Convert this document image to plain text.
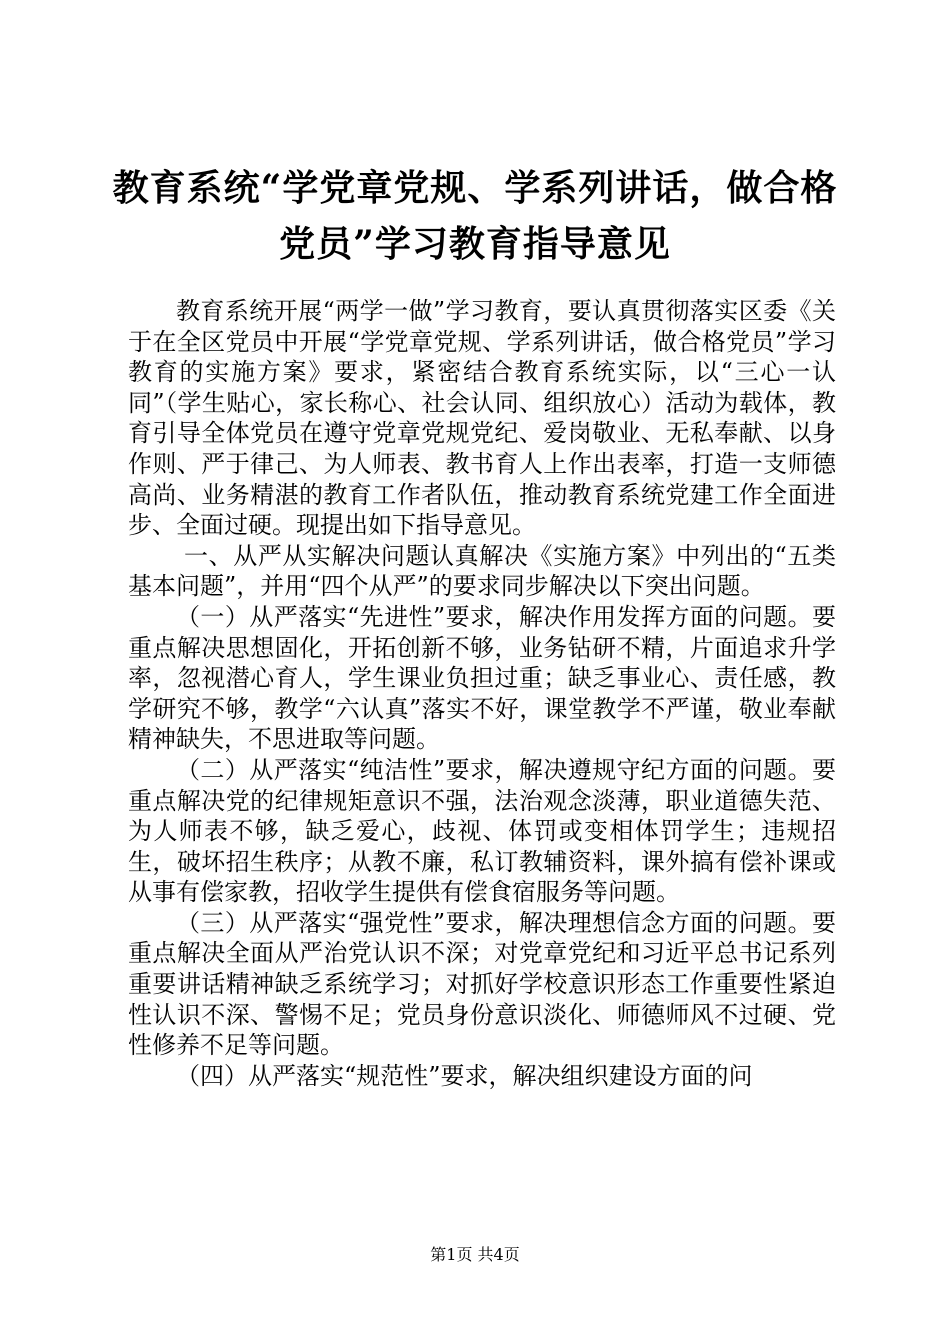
教育系统“学党章党规、学系列讲话，做合格
党员”学习教育指导意见

教育系统开展“两学一做”学习教育，要认真贯彻落实区委《关于在全区党员中开展“学党章党规、学系列讲话，做合格党员”学习教育的实施方案》要求，紧密结合教育系统实际，以“三心一认同”（学生贴心，家长称心、社会认同、组织放心）活动为载体，教育引导全体党员在遵守党章党规党纪、爱岗敬业、无私奉献、以身作则、严于律己、为人师表、教书育人上作出表率，打造一支师德高尚、业务精湛的教育工作者队伍，推动教育系统党建工作全面进步、全面过硬。现提出如下指导意见。

一、从严从实解决问题认真解决《实施方案》中列出的“五类基本问题”，并用“四个从严”的要求同步解决以下突出问题。

（一）从严落实“先进性”要求，解决作用发挥方面的问题。要重点解决思想固化，开拓创新不够，业务钻研不精，片面追求升学率，忽视潜心育人，学生课业负担过重；缺乏事业心、责任感，教学研究不够，教学“六认真”落实不好，课堂教学不严谨，敬业奉献精神缺失，不思进取等问题。

（二）从严落实“纯洁性”要求，解决遵规守纪方面的问题。要重点解决党的纪律规矩意识不强，法治观念淡薄，职业道德失范、为人师表不够，缺乏爱心，歧视、体罚或变相体罚学生；违规招生，破坏招生秩序；从教不廉，私订教辅资料，课外搞有偿补课或从事有偿家教，招收学生提供有偿食宿服务等问题。

（三）从严落实“强党性”要求，解决理想信念方面的问题。要重点解决全面从严治党认识不深；对党章党纪和习近平总书记系列重要讲话精神缺乏系统学习；对抓好学校意识形态工作重要性紧迫性认识不深、警惕不足；党员身份意识淡化、师德师风不过硬、党性修养不足等问题。

（四）从严落实“规范性”要求，解决组织建设方面的问

第1页 共4页
